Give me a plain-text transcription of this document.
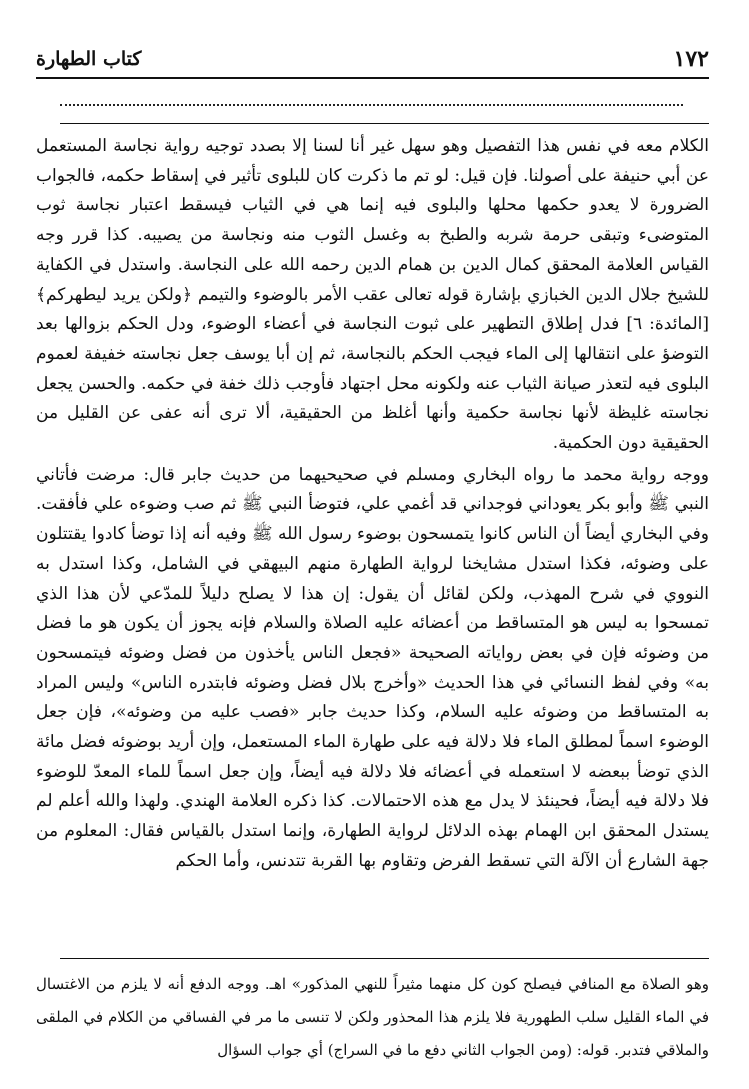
١٧٢
كتاب الطهارة

الكلام معه في نفس هذا التفصيل وهو سهل غير أنا لسنا إلا بصدد توجيه رواية نجاسة المستعمل عن أبي حنيفة على أصولنا. فإن قيل: لو تم ما ذكرت كان للبلوى تأثير في إسقاط حكمه، فالجواب الضرورة لا يعدو حكمها محلها والبلوى فيه إنما هي في الثياب فيسقط اعتبار نجاسة ثوب المتوضىء وتبقى حرمة شربه والطبخ به وغسل الثوب منه ونجاسة من يصيبه. كذا قرر وجه القياس العلامة المحقق كمال الدين بن همام الدين رحمه الله على النجاسة. واستدل في الكفاية للشيخ جلال الدين الخبازي بإشارة قوله تعالى عقب الأمر بالوضوء والتيمم ﴿ولكن يريد ليطهركم﴾[المائدة: ٦] فدل إطلاق التطهير على ثبوت النجاسة في أعضاء الوضوء، ودل الحكم بزوالها بعد التوضؤ على انتقالها إلى الماء فيجب الحكم بالنجاسة، ثم إن أبا يوسف جعل نجاسته خفيفة لعموم البلوى فيه لتعذر صيانة الثياب عنه ولكونه محل اجتهاد فأوجب ذلك خفة في حكمه. والحسن يجعل نجاسته غليظة لأنها نجاسة حكمية وأنها أغلظ من الحقيقية، ألا ترى أنه عفى عن القليل من الحقيقية دون الحكمية.

ووجه رواية محمد ما رواه البخاري ومسلم في صحيحيهما من حديث جابر قال: مرضت فأتاني النبي ﷺ وأبو بكر يعوداني فوجداني قد أغمي علي، فتوضأ النبي ﷺ ثم صب وضوءه علي فأفقت. وفي البخاري أيضاً أن الناس كانوا يتمسحون بوضوء رسول الله ﷺ وفيه أنه إذا توضأ كادوا يقتتلون على وضوئه، فكذا استدل مشايخنا لرواية الطهارة منهم البيهقي في الشامل، وكذا استدل به النووي في شرح المهذب، ولكن لقائل أن يقول: إن هذا لا يصلح دليلاً للمدّعي لأن هذا الذي تمسحوا به ليس هو المتساقط من أعضائه عليه الصلاة والسلام فإنه يجوز أن يكون هو ما فضل من وضوئه فإن في بعض رواياته الصحيحة «فجعل الناس يأخذون من فضل وضوئه فيتمسحون به» وفي لفظ النسائي في هذا الحديث «وأخرج بلال فضل وضوئه فابتدره الناس» وليس المراد به المتساقط من وضوئه عليه السلام، وكذا حديث جابر «فصب عليه من وضوئه»، فإن جعل الوضوء اسماً لمطلق الماء فلا دلالة فيه على طهارة الماء المستعمل، وإن أريد بوضوئه فضل مائة الذي توضأ ببعضه لا استعمله في أعضائه فلا دلالة فيه أيضاً، وإن جعل اسماً للماء المعدّ للوضوء فلا دلالة فيه أيضاً، فحينئذ لا يدل مع هذه الاحتمالات. كذا ذكره العلامة الهندي. ولهذا والله أعلم لم يستدل المحقق ابن الهمام بهذه الدلائل لرواية الطهارة، وإنما استدل بالقياس فقال: المعلوم من جهة الشارع أن الآلة التي تسقط الفرض وتقاوم بها القربة تتدنس، وأما الحكم

وهو الصلاة مع المنافي فيصلح كون كل منهما مثيراً للنهي المذكور» اهـ. ووجه الدفع أنه لا يلزم من الاغتسال في الماء القليل سلب الطهورية فلا يلزم هذا المحذور ولكن لا تنسى ما مر في الفساقي من الكلام في الملقى والملاقي فتدبر. قوله: (ومن الجواب الثاني دفع ما في السراج) أي جواب السؤال
